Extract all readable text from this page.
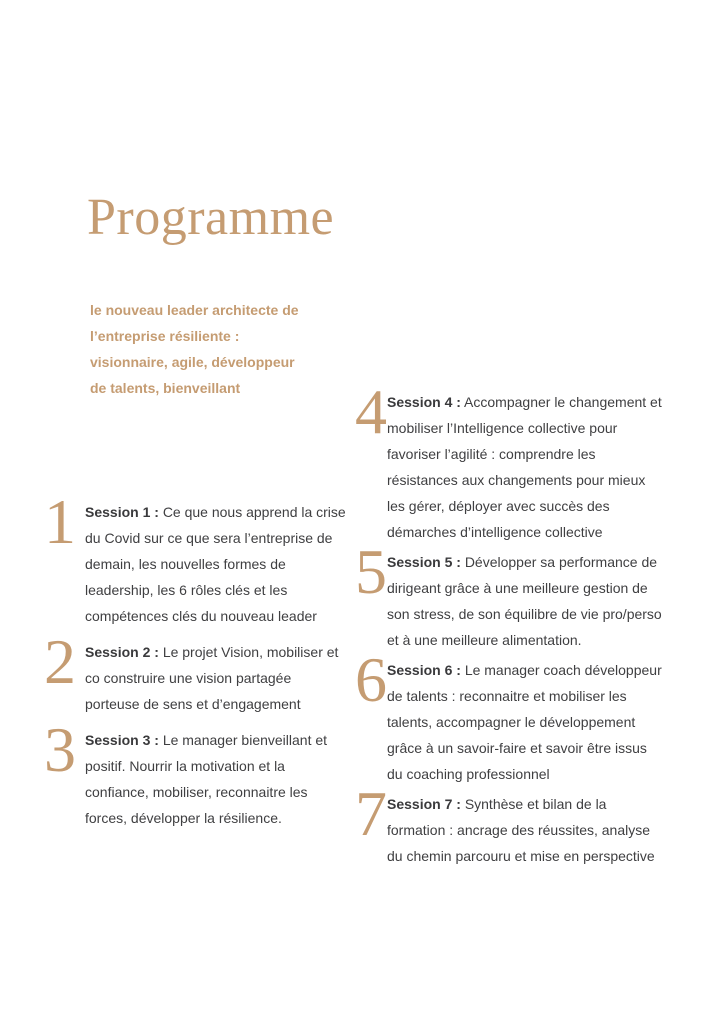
Programme

le nouveau leader architecte de l’entreprise résiliente : visionnaire, agile, développeur de talents, bienveillant

1 Session 1 : Ce que nous apprend la crise du Covid sur ce que sera l’entreprise de demain, les nouvelles formes de leadership, les 6 rôles clés et les compétences clés du nouveau leader

2 Session 2 : Le projet Vision, mobiliser et co construire une vision partagée porteuse de sens et d’engagement

3 Session 3 : Le manager bienveillant et positif. Nourrir la motivation et la confiance, mobiliser, reconnaitre les forces, développer la résilience.

4 Session 4 : Accompagner le changement et mobiliser l’Intelligence collective pour favoriser l’agilité : comprendre les résistances aux changements pour mieux les gérer, déployer avec succès des démarches d’intelligence collective

5 Session 5 : Développer sa performance de dirigeant grâce à une meilleure gestion de son stress, de son équilibre de vie pro/perso et à une meilleure alimentation.

6 Session 6 : Le manager coach développeur de talents : reconnaitre et mobiliser les talents, accompagner le développement grâce à un savoir-faire et savoir être issus du coaching professionnel

7 Session 7 : Synthèse et bilan de la formation : ancrage des réussites, analyse du chemin parcouru et mise en perspective
